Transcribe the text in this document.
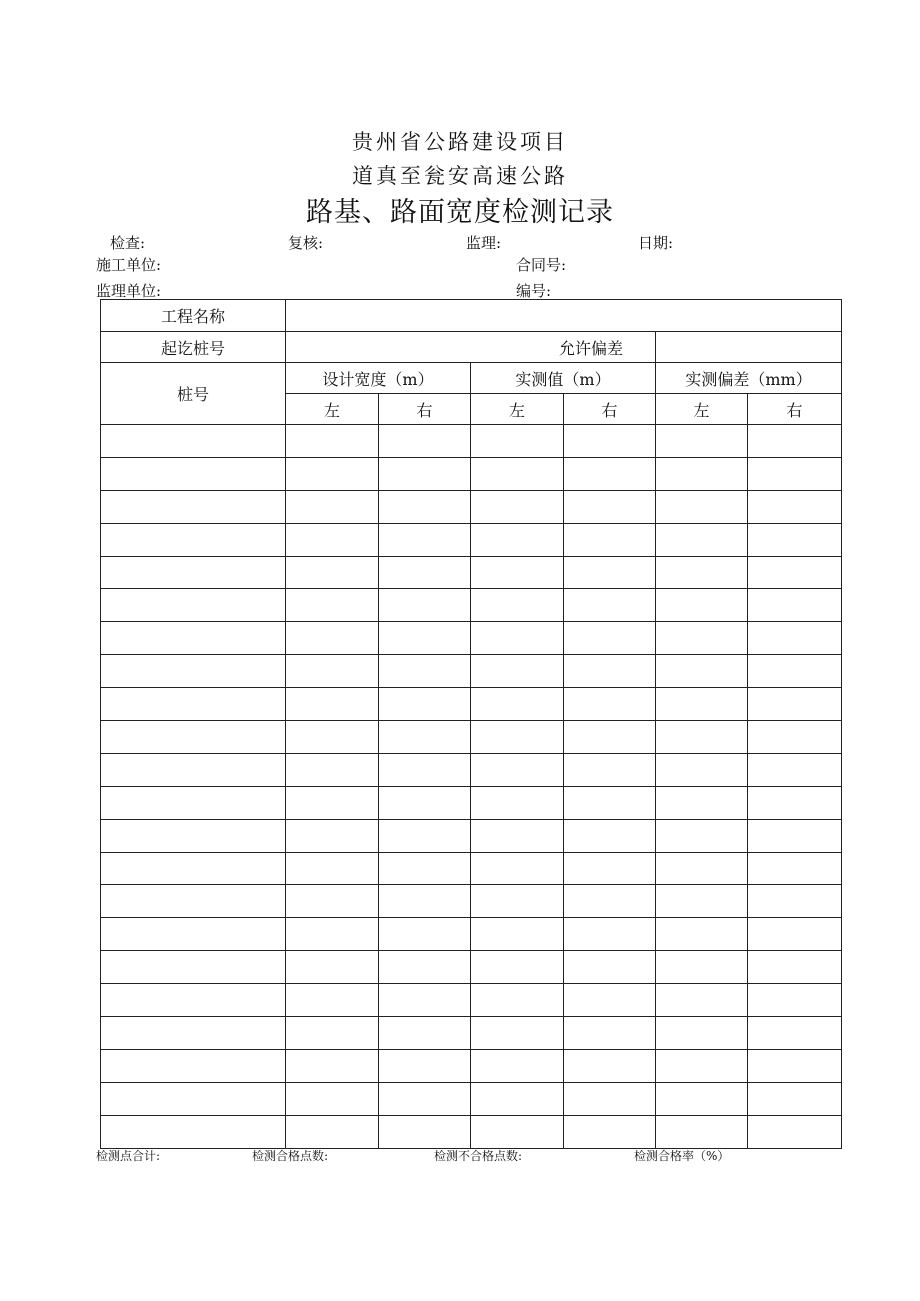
贵州省公路建设项目
道真至瓮安高速公路
路基、路面宽度检测记录
检查:	复核:	监理:	日期:
施工单位:	合同号:
监理单位:	编号:
工程名称						
起讫桩号	允许偏差					
桩号	设计宽度（m）		实测值（m）		实测偏差（mm）	
	左	右	左	右	左	右

检测点合计:	检测合格点数:	检测不合格点数:	检测合格率（%）
